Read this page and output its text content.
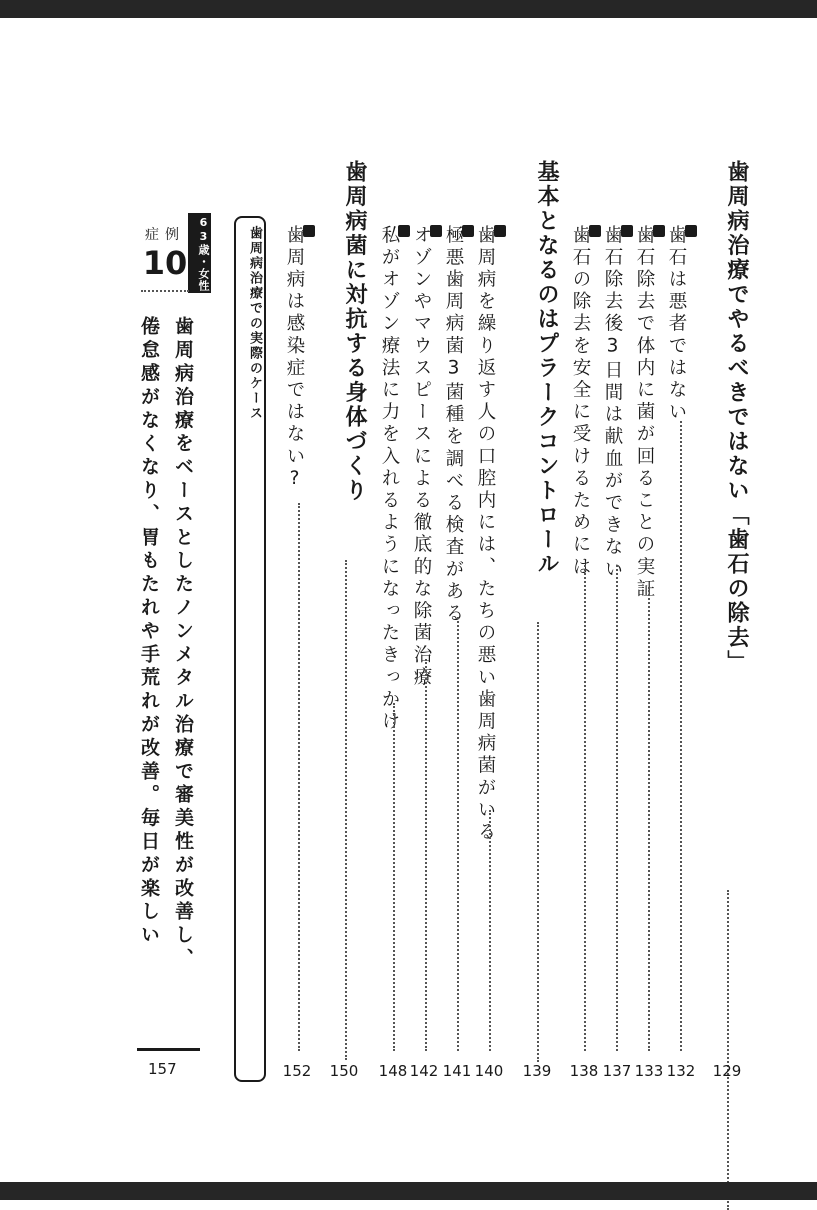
歯周病治療でやるべきではない「歯石の除去」
129
歯石は悪者ではない
132
歯石除去で体内に菌が回ることの実証
133
歯石除去後3日間は献血ができない
137
歯石の除去を安全に受けるためには
138
基本となるのはプラークコントロール
139
歯周病を繰り返す人の口腔内には、たちの悪い歯周病菌がいる
140
極悪歯周病菌3菌種を調べる検査がある
141
オゾンやマウスピースによる徹底的な除菌治療
142
私がオゾン療法に力を入れるようになったきっかけ
148
歯周病菌に対抗する身体づくり
150
歯周病は感染症ではない?
152
歯周病治療での実際のケース
63歳・女性
症例
10
歯周病治療をベースとしたノンメタル治療で審美性が改善し、
倦怠感がなくなり、胃もたれや手荒れが改善。毎日が楽しい
157
